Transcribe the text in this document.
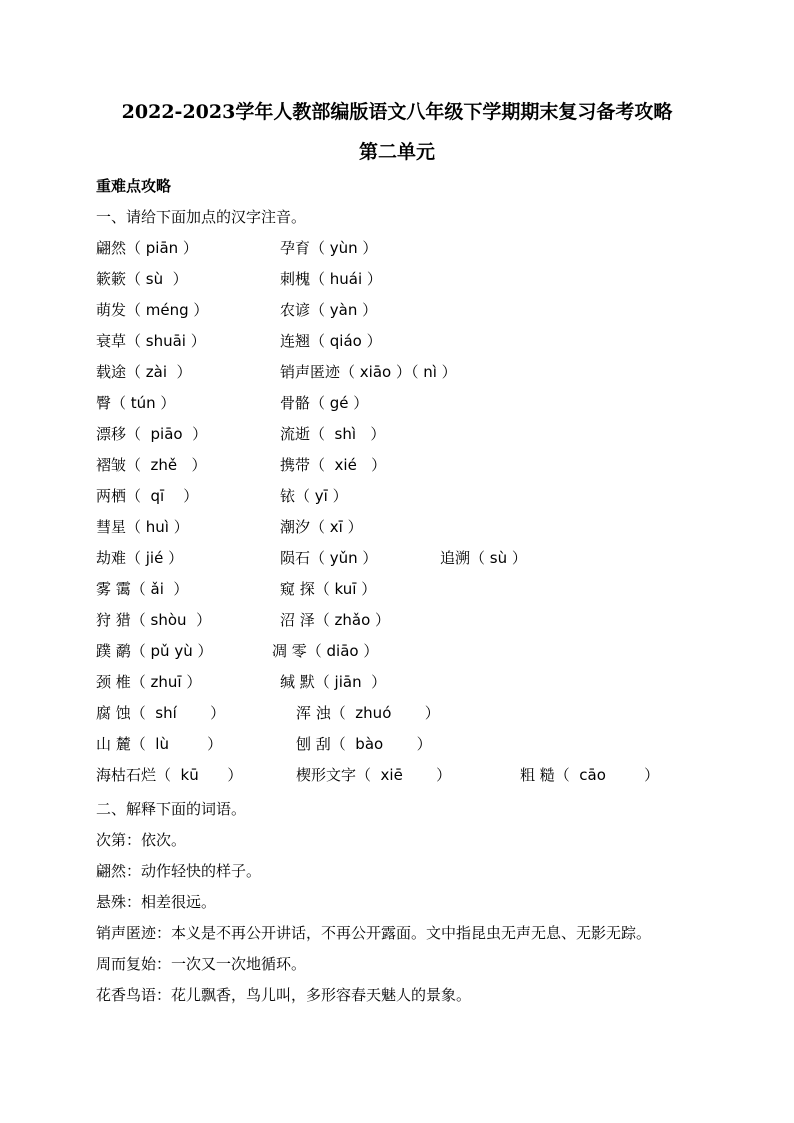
2022-2023学年人教部编版语文八年级下学期期末复习备考攻略
第二单元
重难点攻略
一、请给下面加点的汉字注音。
翩然（ piān ）	孕育（ yùn ）
簌簌（ sù  ）	刺槐（ huái ）
萌发（ méng ）	农谚（ yàn ）
衰草（ shuāi ）	连翘（ qiáo ）
载途（ zài  ）	销声匿迹（ xiāo ）（ nì ）
臀（ tún ）	骨骼（ gé ）
漂移（  piāo  ）	流逝（  shì   ）
褶皱（  zhě   ）	携带（  xié   ）
两栖（  qī    ）	铱（ yī ）
彗星（ huì ）	潮汐（ xī ）
劫难（ jié ）	陨石（ yǔn ）	追溯（ sù ）
雾 霭（ ǎi  ）	窥 探（ kuī ）
狩 猎（ shòu  ）	沼 泽（ zhǎo ）
蹼 鹬（ pǔ yù ）	凋 零（ diāo ）
颈 椎（ zhuī ）	缄 默（ jiān  ）
腐 蚀（  shí       ）	浑 浊（  zhuó       ）
山 麓（  lù        ）	刨 刮（  bào       ）
海枯石烂（  kū      ）	楔形文字（  xiē       ）	粗 糙（  cāo        ）
二、解释下面的词语。
次第：依次。
翩然：动作轻快的样子。
悬殊：相差很远。
销声匿迹：本义是不再公开讲话，不再公开露面。文中指昆虫无声无息、无影无踪。
周而复始：一次又一次地循环。
花香鸟语：花儿飘香，鸟儿叫，多形容春天魅人的景象。
